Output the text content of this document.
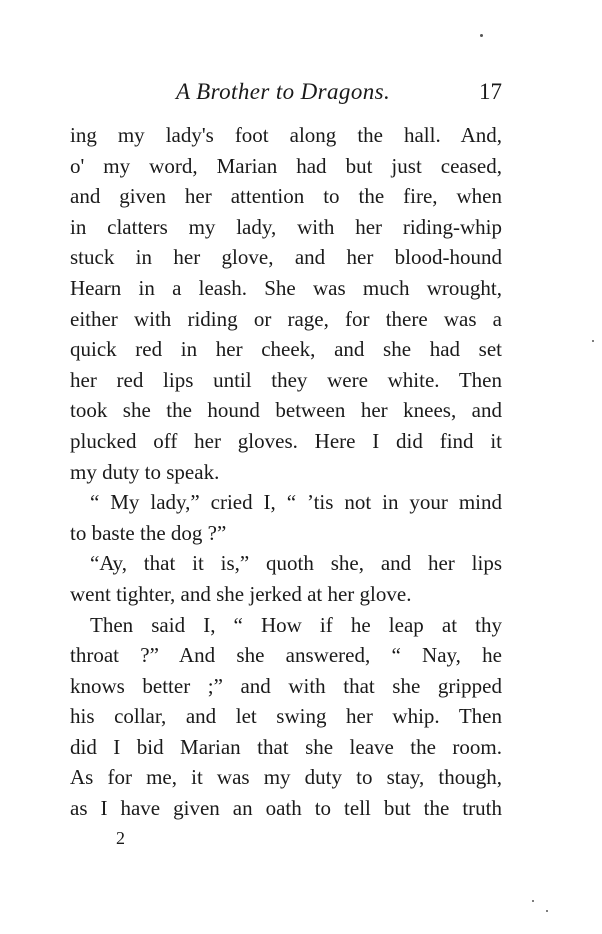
A Brother to Dragons.	17
ing my lady's foot along the hall. And,
o' my word, Marian had but just ceased,
and given her attention to the fire, when
in clatters my lady, with her riding-whip
stuck in her glove, and her blood-hound
Hearn in a leash. She was much wrought,
either with riding or rage, for there was a
quick red in her cheek, and she had set
her red lips until they were white. Then
took she the hound between her knees, and
plucked off her gloves. Here I did find it
my duty to speak.
“ My lady,” cried I, “ ’tis not in your mind
to baste the dog ?”
“Ay, that it is,” quoth she, and her lips
went tighter, and she jerked at her glove.
Then said I, “ How if he leap at thy
throat ?” And she answered, “ Nay, he
knows better ;” and with that she gripped
his collar, and let swing her whip. Then
did I bid Marian that she leave the room.
As for me, it was my duty to stay, though,
as I have given an oath to tell but the truth
2
